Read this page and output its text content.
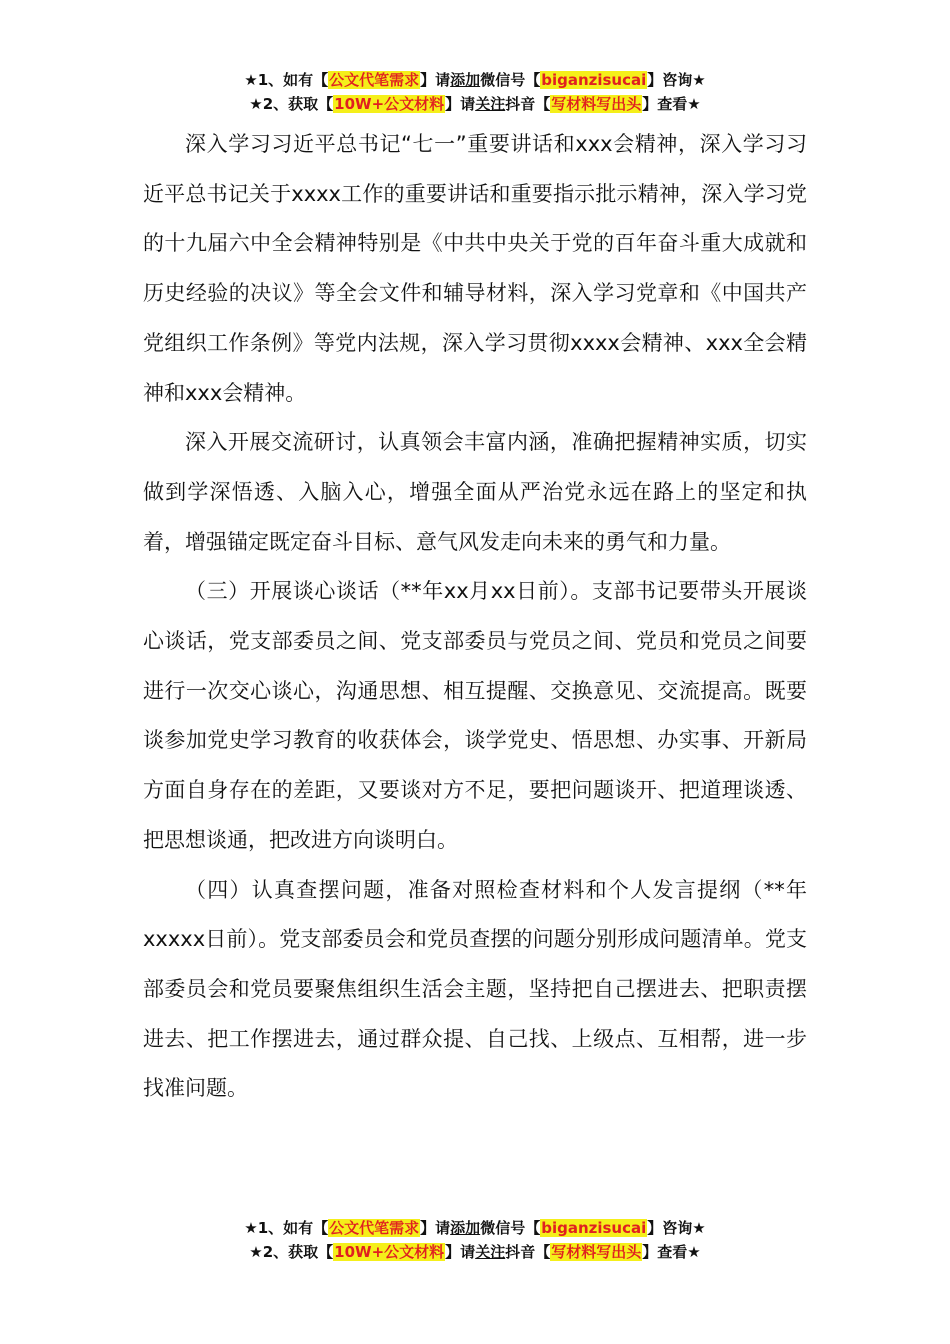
★1、如有【公文代笔需求】请添加微信号【biganzisucai】咨询★
★2、获取【10W+公文材料】请关注抖音【写材料写出头】查看★

深入学习习近平总书记“七一”重要讲话和xxx会精神，深入学习习近平总书记关于xxxx工作的重要讲话和重要指示批示精神，深入学习党的十九届六中全会精神特别是《中共中央关于党的百年奋斗重大成就和历史经验的决议》等全会文件和辅导材料，深入学习党章和《中国共产党组织工作条例》等党内法规，深入学习贯彻xxxx会精神、xxx全会精神和xxx会精神。

深入开展交流研讨，认真领会丰富内涵，准确把握精神实质，切实做到学深悟透、入脑入心，增强全面从严治党永远在路上的坚定和执着，增强锚定既定奋斗目标、意气风发走向未来的勇气和力量。

（三）开展谈心谈话（**年xx月xx日前）。支部书记要带头开展谈心谈话，党支部委员之间、党支部委员与党员之间、党员和党员之间要进行一次交心谈心，沟通思想、相互提醒、交换意见、交流提高。既要谈参加党史学习教育的收获体会，谈学党史、悟思想、办实事、开新局方面自身存在的差距，又要谈对方不足，要把问题谈开、把道理谈透、把思想谈通，把改进方向谈明白。

（四）认真查摆问题，准备对照检查材料和个人发言提纲（**年xxxxx日前）。党支部委员会和党员查摆的问题分别形成问题清单。党支部委员会和党员要聚焦组织生活会主题，坚持把自己摆进去、把职责摆进去、把工作摆进去，通过群众提、自己找、上级点、互相帮，进一步找准问题。

★1、如有【公文代笔需求】请添加微信号【biganzisucai】咨询★
★2、获取【10W+公文材料】请关注抖音【写材料写出头】查看★
